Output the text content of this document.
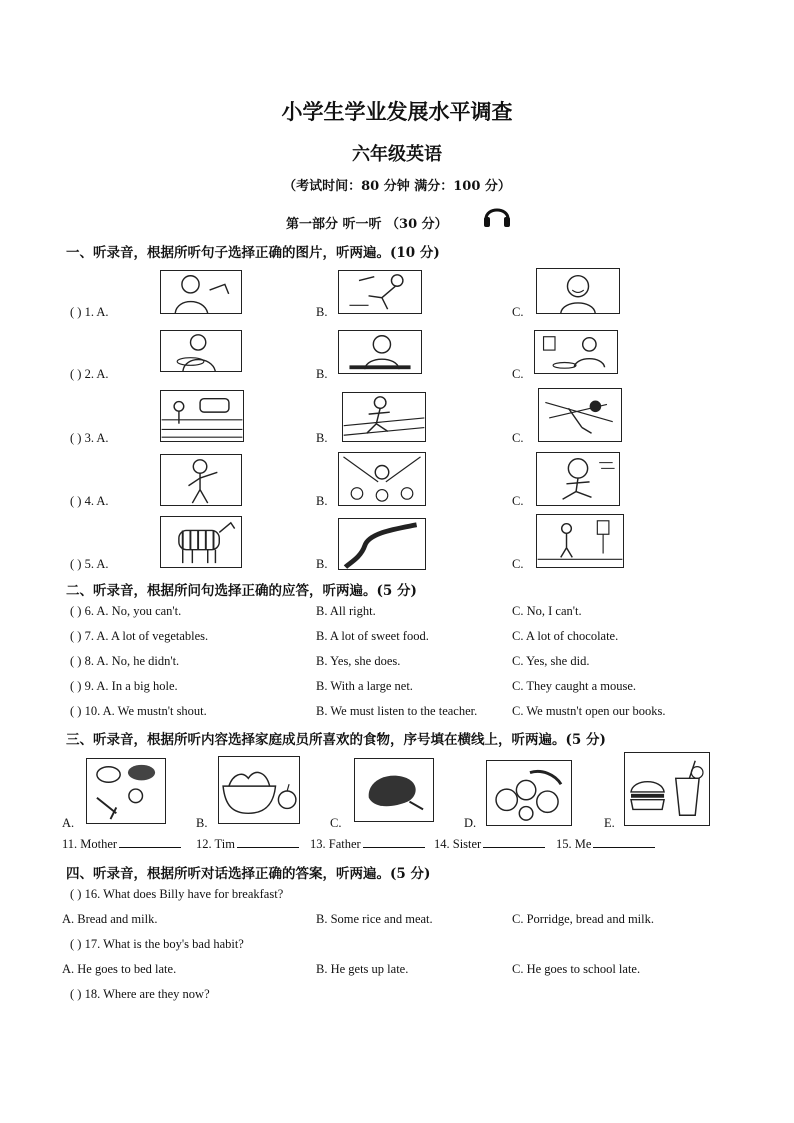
小学生学业发展水平调查
六年级英语
（考试时间：80 分钟 满分：100 分）
第一部分 听一听 （30 分）
一、听录音，根据所听句子选择正确的图片，听两遍。(10 分)
( ) 1. A.	B.	C.
( ) 2. A.	B.	C.
( ) 3. A.	B.	C.
( ) 4. A.	B.	C.
( ) 5. A.	B.	C.
二、听录音，根据所问句选择正确的应答，听两遍。(5 分)
( ) 6. A. No, you can't.	B. All right.	C. No, I can't.
( ) 7. A. A lot of vegetables.	B. A lot of sweet food.	C. A lot of chocolate.
( ) 8. A. No, he didn't.	B. Yes, she does.	C. Yes, she did.
( ) 9. A. In a big hole.	B. With a large net.	C. They caught a mouse.
( ) 10. A. We mustn't shout.	B. We must listen to the teacher.	C. We mustn't open our books.
三、听录音，根据所听内容选择家庭成员所喜欢的食物，序号填在横线上，听两遍。(5 分)
A.	B.	C.	D.	E.
11. Mother	12. Tim	13. Father	14. Sister	15. Me
四、听录音，根据所听对话选择正确的答案，听两遍。(5 分)
( ) 16. What does Billy have for breakfast?
A. Bread and milk.	B. Some rice and meat.	C. Porridge, bread and milk.
( ) 17. What is the boy's bad habit?
A. He goes to bed late.	B. He gets up late.	C. He goes to school late.
( ) 18. Where are they now?
